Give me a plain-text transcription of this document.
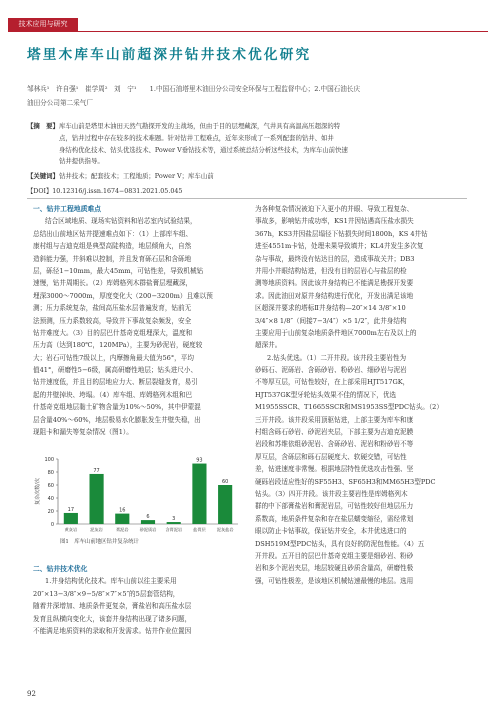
技术应用与研究
塔里木库车山前超深井钻井技术优化研究
邹林兵¹　许自强¹　崔学周²　刘　宁¹　　1.中国石油塔里木油田分公司安全环保与工程监督中心；2.中国石油长庆
油田分公司第二采气厂
【摘　要】库车山前是塔里木油田天然气勘探开发的主战场，但由于目的层埋藏深，气井具有高温高压超深的特
点，钻井过程中存在较多的技术难题。针对钻井工程难点，近年来形成了一系列配套的钻井、如井
身结构优化技术、钻头优选技术、Power V垂钻技术等，通过系统总结分析这些技术，为库车山前快速
钻井提供指导。
【关键词】钻井技术；配套技术；工程地质；Power V；库车山前
【DOI】10.12316/j.issn.1674−0831.2021.05.045
一、钻井工程地质难点
结合区域地质、现场实钻资料和岩芯室内试验结果，
总结出山前地区钻井提速难点如下：（1）上部库车组、
康村组与吉迪克组是典型高陡构造，地层倾角大，自然
造斜能力强，井斜难以控制，并且发育砾石层和含砾地
层，砾径1−10mm，最大45mm，可钻性差，导致机械钻
速慢，钻井周期长。（2）库姆格列木群盐膏层埋藏深，
埋深3000～7000m，厚度变化大（200−3200m）且难以预
测；压力系统复杂，盐间高压盐水层普遍发育，钻前无
法预测，压力系数较高，导致井下事故复杂频发，安全
钻井难度大。（3）目的层巴什基奇克组埋深大，温度和
压力高（达到180℃，120MPa），主要为砂泥岩，硬度较
大；岩石可钻性7级以上，内摩擦角最大值为56°，平均
值41°，研磨性5−6级，属高研磨性地层；钻头进尺小、
钻井速度低，并且目的层地应力大、断层裂缝发育，易引
起的井壁掉块、垮塌。（4）库车组、库姆格列木组和巴
什基奇克组地层黏土矿物含量为10%～50%，其中伊蒙混
层含量40%～60%，地层极易水化膨胀发生井壁失稳，出
现阻卡和漏失等复杂情况（图1）。
0
20
40
60
80
100
复杂次数/次
17
黄灰岩
77
泥灰岩
16
膏泥岩
6
砂泥质岩
3
含膏泥岩
93
盐膏层
60
泥灰盐岩
图1　库车山前地区钻井复杂统计
二、钻井技术优化
1.井身结构优化技术。库车山前以往主要采用
20″×13−3/8″×9−5/8″×7″×5″的5层套管结构，
随着井深增加、地质条件更复杂，膏盐岩和高压盐水层
发育且纵横向变化大，该套井身结构出现了诸多问题，
不能满足地质资料的录取和开发需求。钻井作业位置因
为各种复杂情况被迫下入更小的并眼、导致工程复杂、
事故多，影响钻井成功率，KS1井因钻遇高压盐水损失
367h，KS3井因盐层塌径下钻损失时间1800h，KS 4井钻
进至4551m卡钻，处理未果导致填井；KL4井发生多次复
杂与事故，最终没有钻达目的层，造成事故关井；DB3
井用小井眼结构钻进，但没有目的层岩心与盐层的检
测等地质资料。因此该井身结构已不能满足勘探开发要
求。因此油田对原井身结构进行优化，开发出满足该地
区超深井要求的塔标Ⅱ井身结构—20″×14 3/8″×10
3/4″×8 1/8″（间接7−3/4″）×5 1/2″，此井身结构
主要应用于山前复杂地质条件地区7000m左右及以上的
超深井。
2.钻头优选。（1）二开井段。该井段主要岩性为
砂砾石、泥砾岩、含砾砂岩、粉砂岩、细砂岩与泥岩
不等厚互层，可钻性较好，在上部采用HJT517GK，
HJT537GK型牙轮钻头效果不佳的情况下，优选
M1955SSCR、T1665SSCR和MS1953SS型PDC钻头。（2）
三开井段。该井段采用顶驱钻进，上部主要为库车和康
村组含砾石砂岩、砂泥岩夹层，下部主要为吉迪克泥膜
岩段和苏维依组砂泥岩、含砾砂岩、泥岩和粉砂岩不等
厚互层，含砾层和砾石层硬度大、软硬交错，可钻性
差，钻进速度非常慢。根据地层特性优选攻击性强、坚
硬砾岩段适应性好的SF55H3、SF65H3和MM65H3型PDC
钻头。（3）四开井段。该井段主要岩性是库姆格列木
群的中下部膏盐岩和膏泥岩层，可钻性较好但地层压力
系数高，地质条件复杂和存在盐层蠕变缩径，需经常划
眼以防止卡钻事故，保证钻井安全，本井优选进口的
DSH519M型PDC钻头，具有良好的防泥包性能。（4）五
开井段。五开目的层巴什基奇克组主要是细砂岩、粉砂
岩和多个泥岩夹层，地层较硬且砂质含量高，研磨性极
强，可钻性极差，是该地区机械钻速最慢的地层。选用
92
